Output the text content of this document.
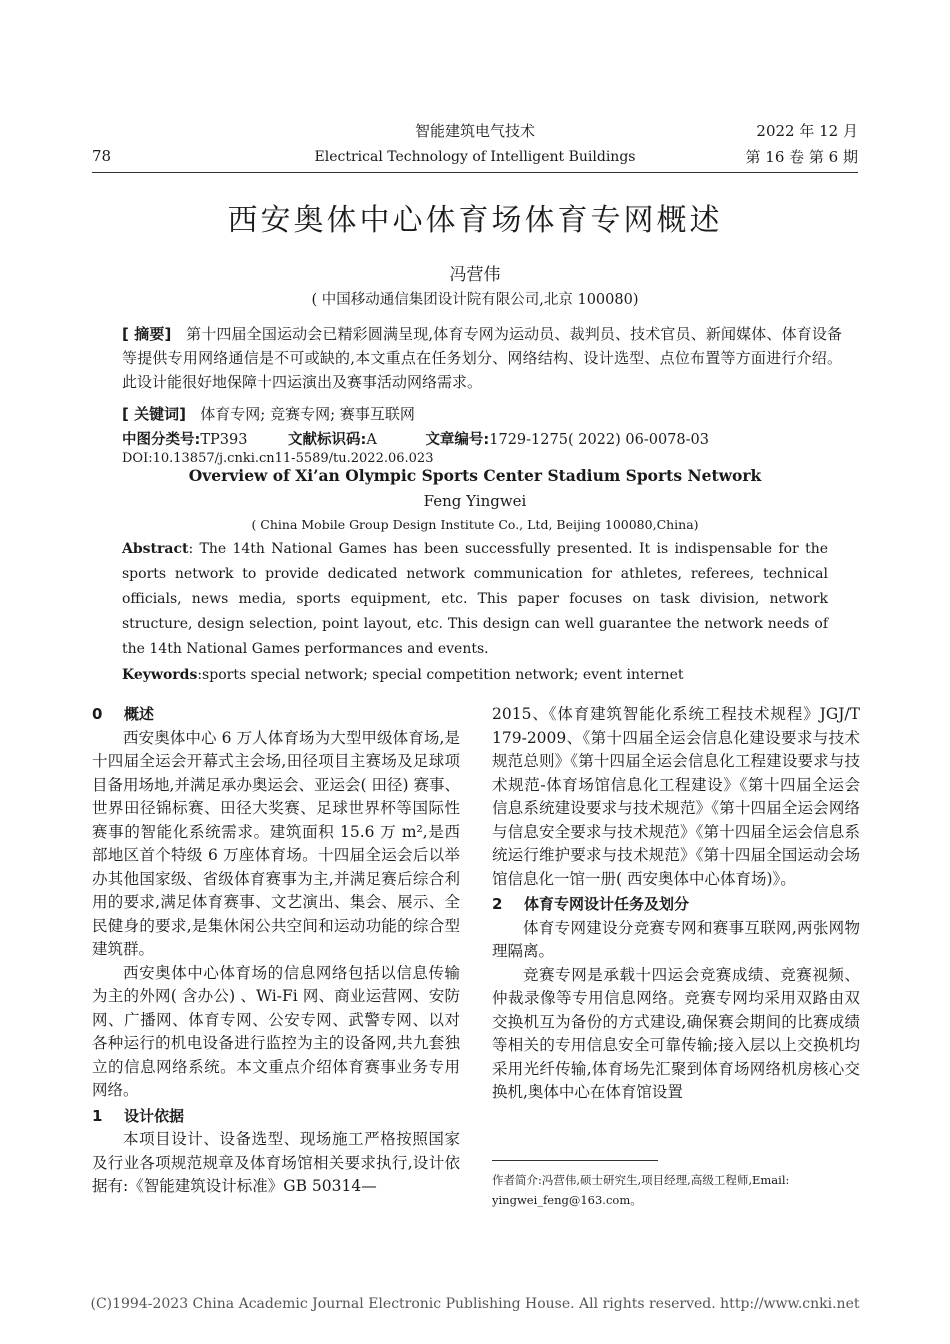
78
智能建筑电气技术
Electrical Technology of Intelligent Buildings
2022 年 12 月
第 16 卷 第 6 期
西安奥体中心体育场体育专网概述
冯营伟
( 中国移动通信集团设计院有限公司,北京 100080)
[ 摘要] 第十四届全国运动会已精彩圆满呈现,体育专网为运动员、裁判员、技术官员、新闻媒体、体育设备等提供专用网络通信是不可或缺的,本文重点在任务划分、网络结构、设计选型、点位布置等方面进行介绍。此设计能很好地保障十四运演出及赛事活动网络需求。
[ 关键词] 体育专网; 竞赛专网; 赛事互联网
中图分类号:TP393	文献标识码:A	文章编号:1729-1275( 2022) 06-0078-03
DOI:10.13857/j.cnki.cn11-5589/tu.2022.06.023
Overview of Xi’an Olympic Sports Center Stadium Sports Network
Feng Yingwei
( China Mobile Group Design Institute Co., Ltd, Beijing 100080,China)
Abstract: The 14th National Games has been successfully presented. It is indispensable for the sports network to provide dedicated network communication for athletes, referees, technical officials, news media, sports equipment, etc. This paper focuses on task division, network structure, design selection, point layout, etc. This design can well guarantee the network needs of the 14th National Games performances and events.
Keywords:sports special network; special competition network; event internet
0 概述

西安奥体中心 6 万人体育场为大型甲级体育场,是十四届全运会开幕式主会场,田径项目主赛场及足球项目备用场地,并满足承办奥运会、亚运会( 田径) 赛事、世界田径锦标赛、田径大奖赛、足球世界杯等国际性赛事的智能化系统需求。建筑面积 15.6 万 m²,是西部地区首个特级 6 万座体育场。十四届全运会后以举办其他国家级、省级体育赛事为主,并满足赛后综合利用的要求,满足体育赛事、文艺演出、集会、展示、全民健身的要求,是集休闲公共空间和运动功能的综合型建筑群。

西安奥体中心体育场的信息网络包括以信息传输为主的外网( 含办公) 、Wi-Fi 网、商业运营网、安防网、广播网、体育专网、公安专网、武警专网、以对各种运行的机电设备进行监控为主的设备网,共九套独立的信息网络系统。本文重点介绍体育赛事业务专用网络。

1 设计依据

本项目设计、设备选型、现场施工严格按照国家及行业各项规范规章及体育场馆相关要求执行,设计依据有:《智能建筑设计标准》GB 50314—

2015、《体育建筑智能化系统工程技术规程》JGJ/T 179-2009、《第十四届全运会信息化建设要求与技术规范总则》《第十四届全运会信息化工程建设要求与技术规范-体育场馆信息化工程建设》《第十四届全运会信息系统建设要求与技术规范》《第十四届全运会网络与信息安全要求与技术规范》《第十四届全运会信息系统运行维护要求与技术规范》《第十四届全国运动会场馆信息化一馆一册( 西安奥体中心体育场)》。

2 体育专网设计任务及划分

体育专网建设分竞赛专网和赛事互联网,两张网物理隔离。

竞赛专网是承载十四运会竞赛成绩、竞赛视频、仲裁录像等专用信息网络。竞赛专网均采用双路由双交换机互为备份的方式建设,确保赛会期间的比赛成绩等相关的专用信息安全可靠传输;接入层以上交换机均采用光纤传输,体育场先汇聚到体育场网络机房核心交换机,奥体中心在体育馆设置

作者简介:冯营伟,硕士研究生,项目经理,高级工程师,Email: yingwei_feng@163.com。
(C)1994-2023 China Academic Journal Electronic Publishing House. All rights reserved. http://www.cnki.net
